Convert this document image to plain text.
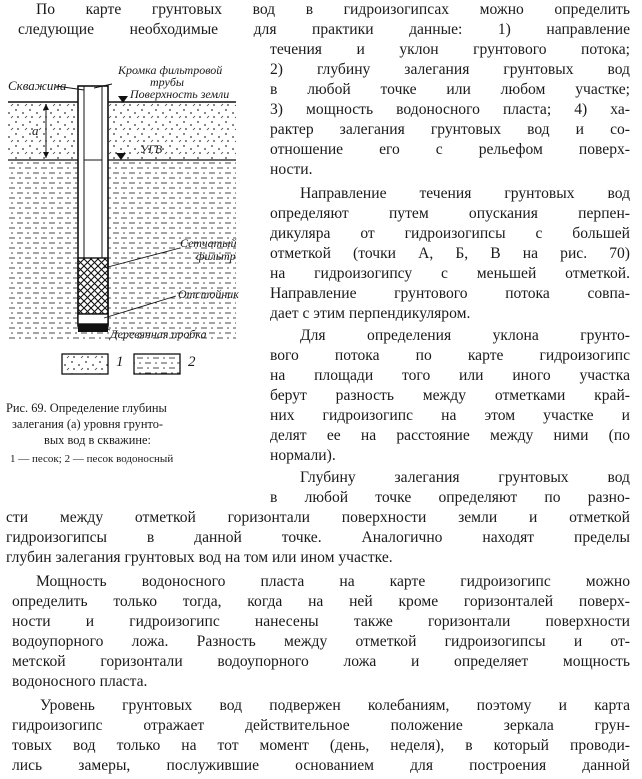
Скважина
Кромка фильтровой
трубы
Поверхность земли
a
УГВ
Сетчатый
фильтр
Отстойник
Деревянная пробка
1	2
Рис. 69. Определение глубины
залегания (а) уровня грунто-
вых вод в скважине:
1 — песок; 2 — песок водоносный
По карте грунтовых вод в гидроизогипсах можно определить
следующие необходимые для практики данные: 1) направление
течения и уклон грунтового потока;
2) глубину залегания грунтовых вод
в любой точке или любом участке;
3) мощность водоносного пласта; 4) ха-
рактер залегания грунтовых вод и со-
отношение его с рельефом поверх-
ности.
Направление течения грунтовых вод
определяют путем опускания перпен-
дикуляра от гидроизогипсы с большей
отметкой (точки А, Б, В на рис. 70)
на гидроизогипсу с меньшей отметкой.
Направление грунтового потока совпа-
дает с этим перпендикуляром.
Для определения уклона грунто-
вого потока по карте гидроизогипс
на площади того или иного участка
берут разность между отметками край-
них гидроизогипс на этом участке и
делят ее на расстояние между ними (по
нормали).
Глубину залегания грунтовых вод
в любой точке определяют по разно-
сти между отметкой горизонтали поверхности земли и отметкой
гидроизогипсы в данной точке. Аналогично находят пределы
глубин залегания грунтовых вод на том или ином участке.
Мощность водоносного пласта на карте гидроизогипс можно
определить только тогда, когда на ней кроме горизонталей поверх-
ности и гидроизогипс нанесены также горизонтали поверхности
водоупорного ложа. Разность между отметкой гидроизогипсы и от-
метской горизонтали водоупорного ложа и определяет мощность
водоносного пласта.
Уровень грунтовых вод подвержен колебаниям, поэтому и карта
гидроизогипс отражает действительное положение зеркала грун-
товых вод только на тот момент (день, неделя), в который проводи-
лись замеры, послужившие основанием для построения данной
